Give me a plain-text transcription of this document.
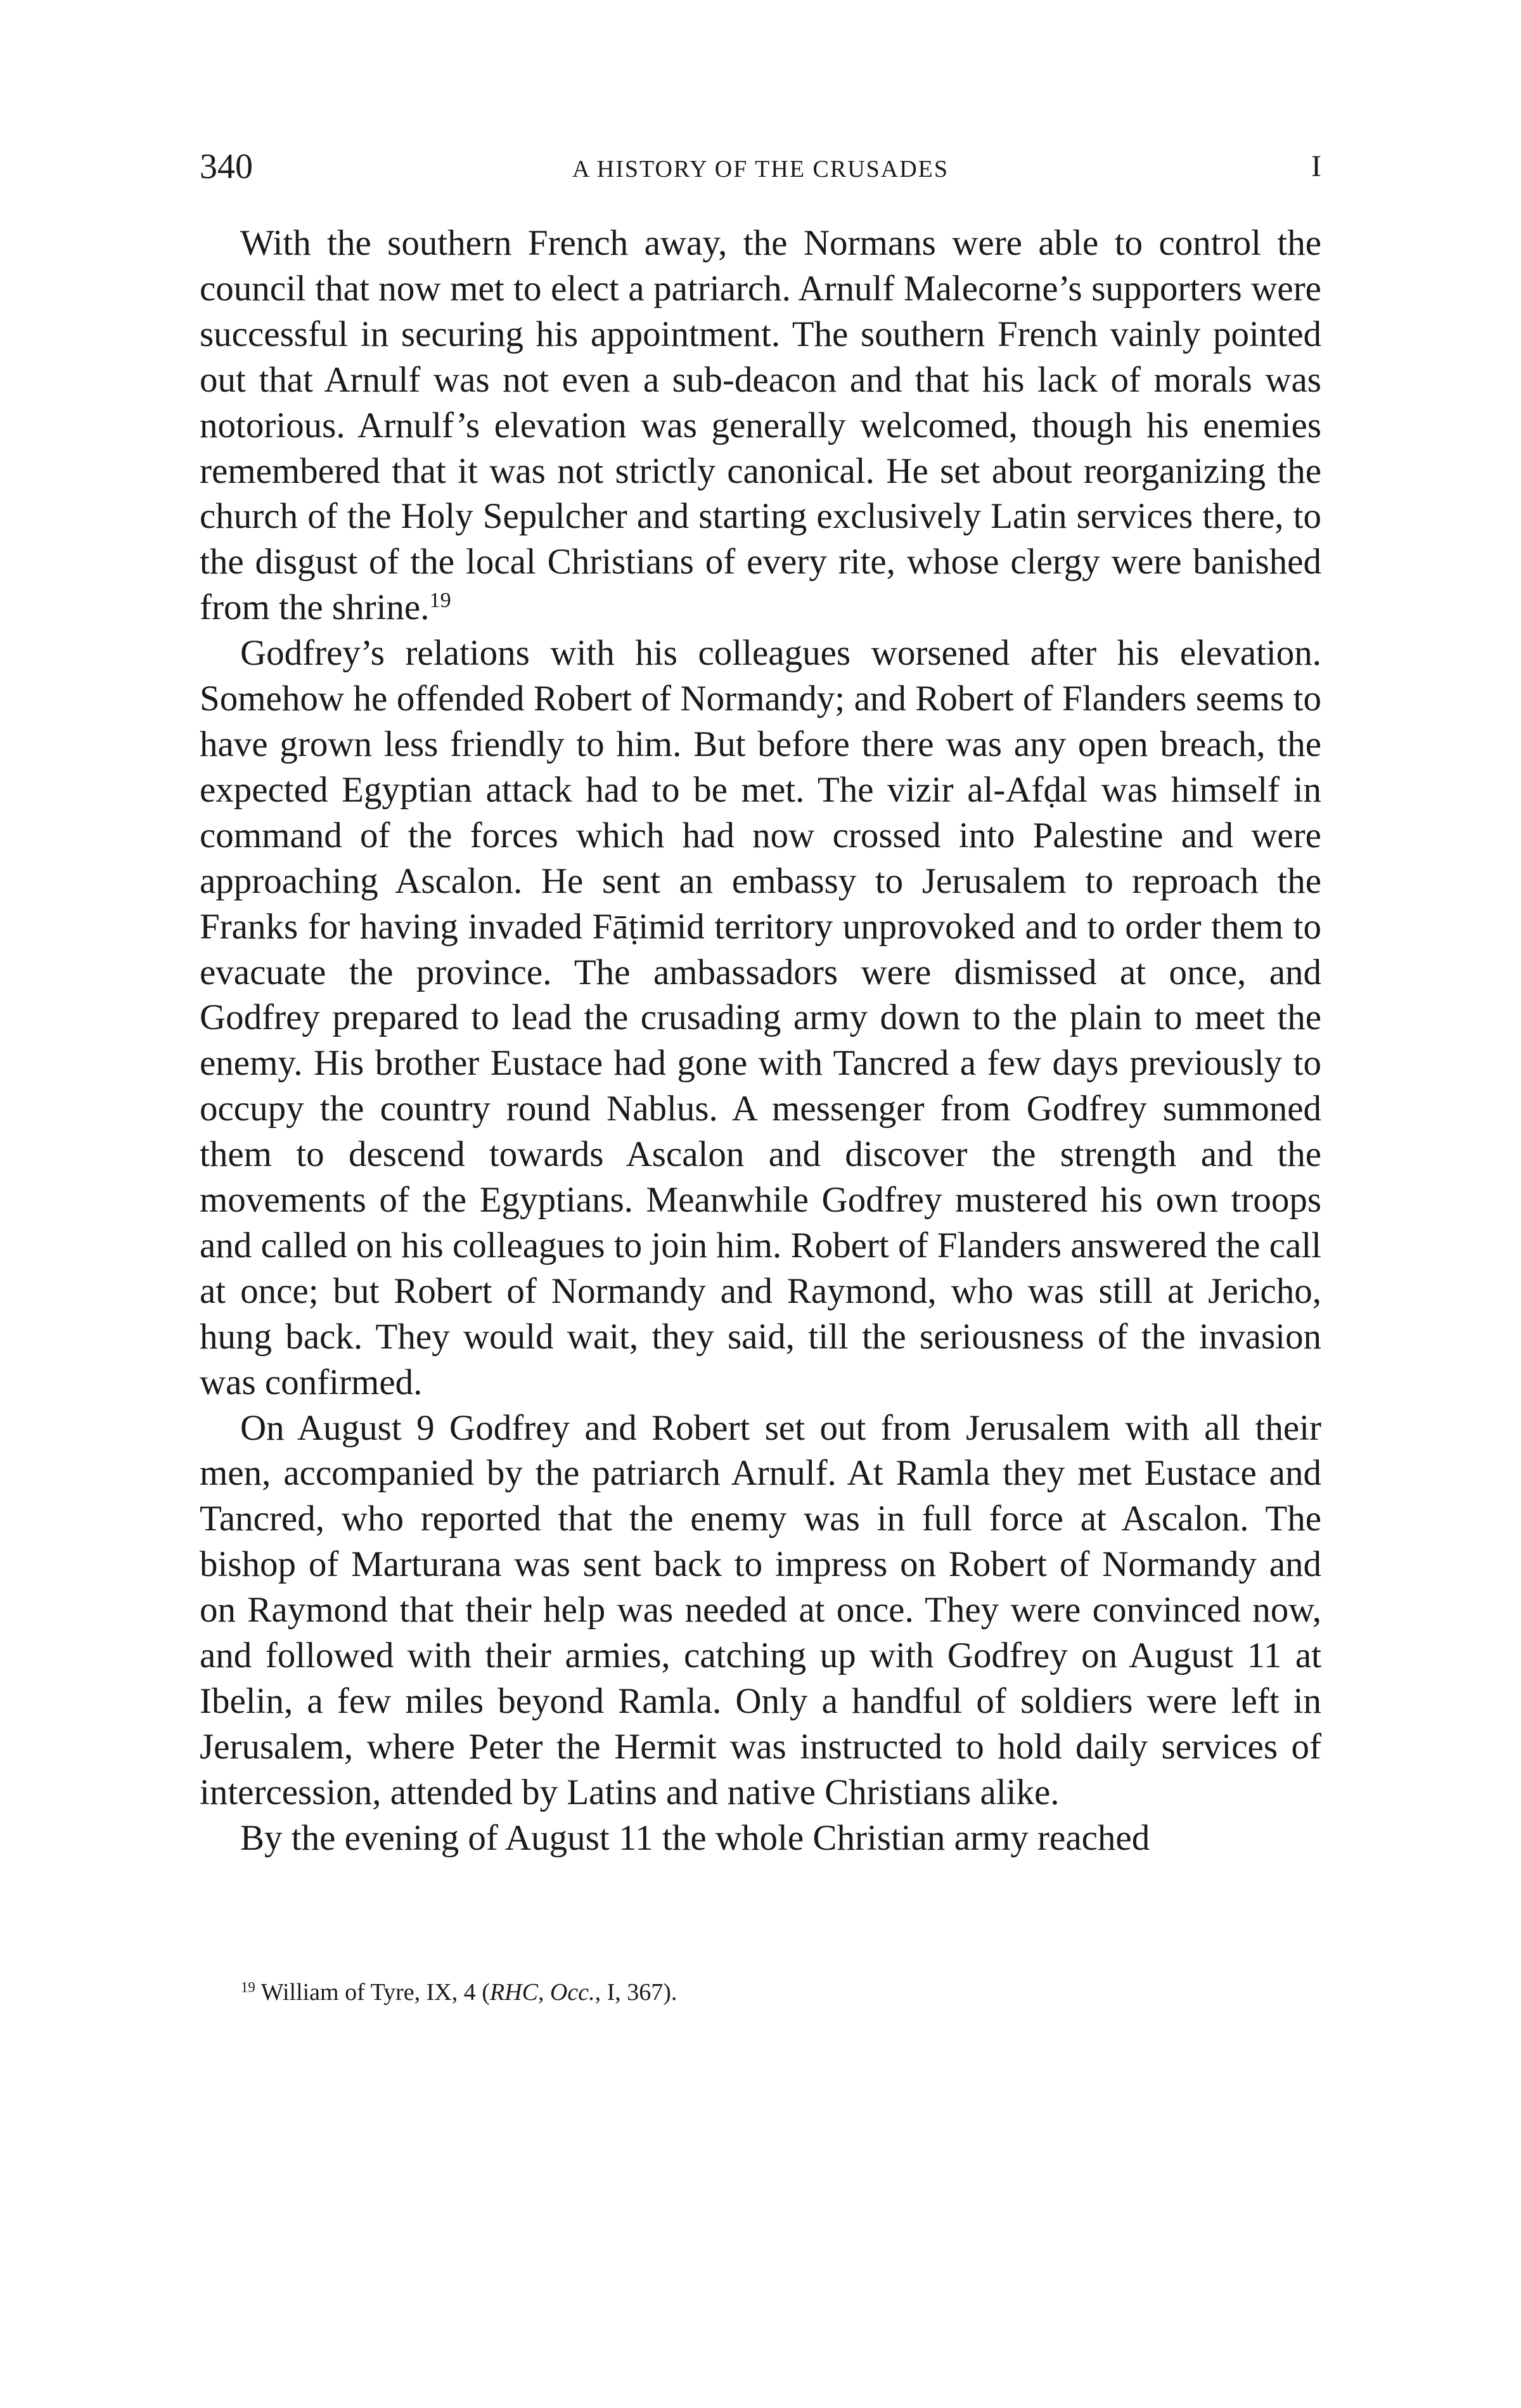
340	A HISTORY OF THE CRUSADES	I

With the southern French away, the Normans were able to control the council that now met to elect a patriarch. Arnulf Malecorne’s supporters were successful in securing his appointment. The southern French vainly pointed out that Arnulf was not even a sub-deacon and that his lack of morals was notorious. Arnulf’s elevation was generally welcomed, though his enemies remembered that it was not strictly canonical. He set about reorganizing the church of the Holy Sepulcher and starting exclusively Latin services there, to the disgust of the local Christians of every rite, whose clergy were banished from the shrine.$^{19}$

Godfrey’s relations with his colleagues worsened after his elevation. Somehow he offended Robert of Normandy; and Robert of Flanders seems to have grown less friendly to him. But before there was any open breach, the expected Egyptian attack had to be met. The vizir al-Afḍal was himself in command of the forces which had now crossed into Palestine and were approaching Ascalon. He sent an embassy to Jerusalem to reproach the Franks for having invaded Fāṭimid territory unprovoked and to order them to evacuate the province. The ambassadors were dismissed at once, and Godfrey prepared to lead the crusading army down to the plain to meet the enemy. His brother Eustace had gone with Tancred a few days previously to occupy the country round Nablus. A messenger from Godfrey summoned them to descend towards Ascalon and discover the strength and the movements of the Egyptians. Meanwhile Godfrey mustered his own troops and called on his colleagues to join him. Robert of Flanders answered the call at once; but Robert of Normandy and Raymond, who was still at Jericho, hung back. They would wait, they said, till the seriousness of the invasion was confirmed.

On August 9 Godfrey and Robert set out from Jerusalem with all their men, accompanied by the patriarch Arnulf. At Ramla they met Eustace and Tancred, who reported that the enemy was in full force at Ascalon. The bishop of Marturana was sent back to impress on Robert of Normandy and on Raymond that their help was needed at once. They were convinced now, and followed with their armies, catching up with Godfrey on August 11 at Ibelin, a few miles beyond Ramla. Only a handful of soldiers were left in Jerusalem, where Peter the Hermit was instructed to hold daily services of intercession, attended by Latins and native Christians alike.

By the evening of August 11 the whole Christian army reached

$^{19}$ William of Tyre, IX, 4 (RHC, Occ., I, 367).
